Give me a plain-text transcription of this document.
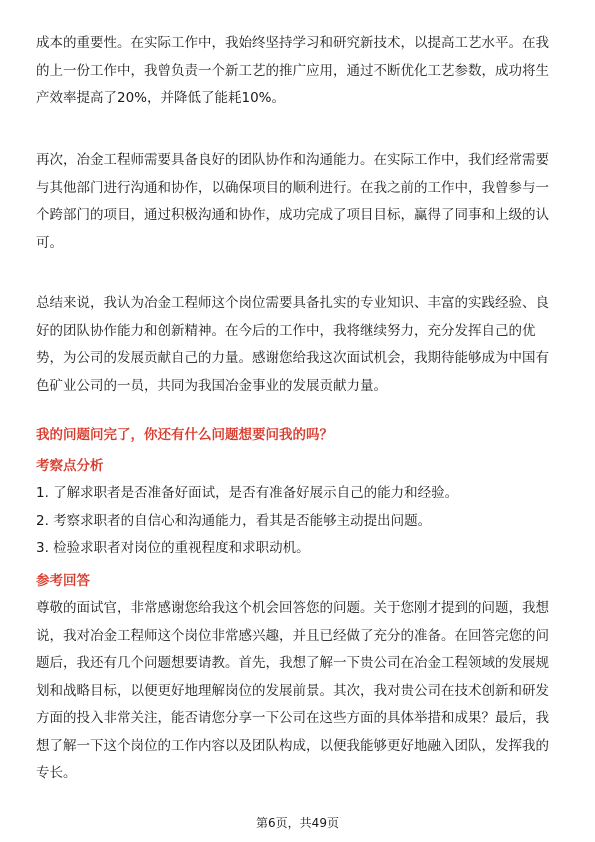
成本的重要性。在实际工作中，我始终坚持学习和研究新技术，以提高工艺水平。在我的上一份工作中，我曾负责一个新工艺的推广应用，通过不断优化工艺参数，成功将生产效率提高了20%，并降低了能耗10%。

再次，冶金工程师需要具备良好的团队协作和沟通能力。在实际工作中，我们经常需要与其他部门进行沟通和协作，以确保项目的顺利进行。在我之前的工作中，我曾参与一个跨部门的项目，通过积极沟通和协作，成功完成了项目目标，赢得了同事和上级的认可。

总结来说，我认为冶金工程师这个岗位需要具备扎实的专业知识、丰富的实践经验、良好的团队协作能力和创新精神。在今后的工作中，我将继续努力，充分发挥自己的优势，为公司的发展贡献自己的力量。感谢您给我这次面试机会，我期待能够成为中国有色矿业公司的一员，共同为我国冶金事业的发展贡献力量。

我的问题问完了，你还有什么问题想要问我的吗？

考察点分析

1. 了解求职者是否准备好面试，是否有准备好展示自己的能力和经验。
2. 考察求职者的自信心和沟通能力，看其是否能够主动提出问题。
3. 检验求职者对岗位的重视程度和求职动机。

参考回答

尊敬的面试官，非常感谢您给我这个机会回答您的问题。关于您刚才提到的问题，我想说，我对冶金工程师这个岗位非常感兴趣，并且已经做了充分的准备。在回答完您的问题后，我还有几个问题想要请教。首先，我想了解一下贵公司在冶金工程领域的发展规划和战略目标，以便更好地理解岗位的发展前景。其次，我对贵公司在技术创新和研发方面的投入非常关注，能否请您分享一下公司在这些方面的具体举措和成果？最后，我想了解一下这个岗位的工作内容以及团队构成，以便我能够更好地融入团队，发挥我的专长。

第6页，共49页
